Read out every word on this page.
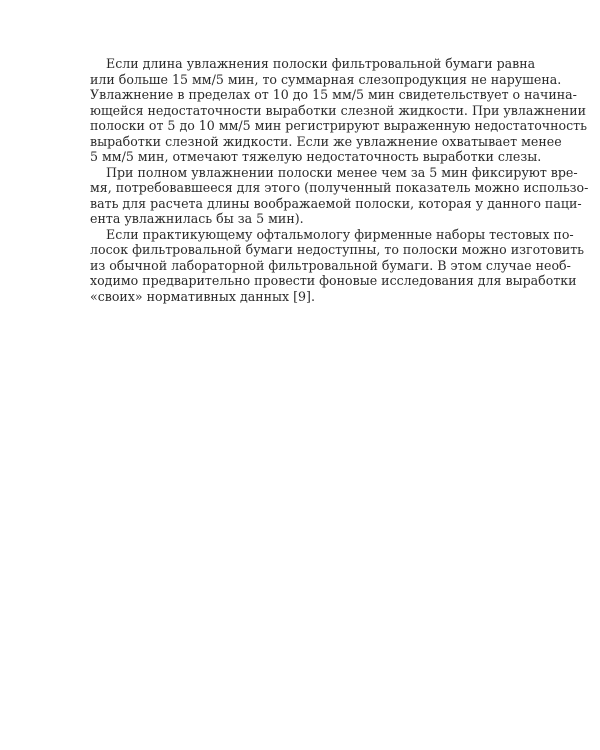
Если длина увлажнения полоски фильтровальной бумаги равна
или больше 15 мм/5 мин, то суммарная слезопродукция не нарушена.
Увлажнение в пределах от 10 до 15 мм/5 мин свидетельствует о начина-
ющейся недостаточности выработки слезной жидкости. При увлажнении
полоски от 5 до 10 мм/5 мин регистрируют выраженную недостаточность
выработки слезной жидкости. Если же увлажнение охватывает менее
5 мм/5 мин, отмечают тяжелую недостаточность выработки слезы.
При полном увлажнении полоски менее чем за 5 мин фиксируют вре-
мя, потребовавшееся для этого (полученный показатель можно использо-
вать для расчета длины воображаемой полоски, которая у данного паци-
ента увлажнилась бы за 5 мин).
Если практикующему офтальмологу фирменные наборы тестовых по-
лосок фильтровальной бумаги недоступны, то полоски можно изготовить
из обычной лабораторной фильтровальной бумаги. В этом случае необ-
ходимо предварительно провести фоновые исследования для выработки
«своих» нормативных данных [9].
